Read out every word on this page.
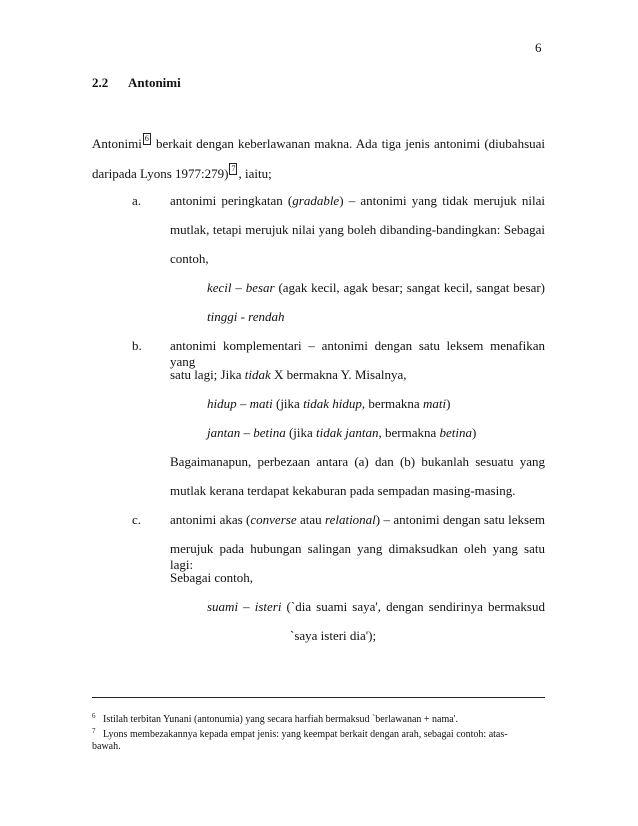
6
2.2 Antonimi
Antonimi 6 berkait dengan keberlawanan makna. Ada tiga jenis antonimi (diubahsuai
daripada Lyons 1977:279) 7 , iaitu;
a. antonimi peringkatan (gradable) – antonimi yang tidak merujuk nilai
mutlak, tetapi merujuk nilai yang boleh dibanding-bandingkan: Sebagai
contoh,
kecil – besar (agak kecil, agak besar; sangat kecil, sangat besar)
tinggi - rendah
b. antonimi komplementari – antonimi dengan satu leksem menafikan yang
satu lagi; Jika tidak X bermakna Y. Misalnya,
hidup – mati (jika tidak hidup, bermakna mati)
jantan – betina (jika tidak jantan, bermakna betina)
Bagaimanapun, perbezaan antara (a) dan (b) bukanlah sesuatu yang
mutlak kerana terdapat kekaburan pada sempadan masing-masing.
c. antonimi akas (converse atau relational) – antonimi dengan satu leksem
merujuk pada hubungan salingan yang dimaksudkan oleh yang satu lagi:
Sebagai contoh,
suami – isteri (`dia suami saya', dengan sendirinya bermaksud
`saya isteri dia');
$^6$ Istilah terbitan Yunani (antonumia) yang secara harfiah bermaksud `berlawanan + nama'.
$^7$ Lyons membezakannya kepada empat jenis: yang keempat berkait dengan arah, sebagai contoh: atas-
bawah.
